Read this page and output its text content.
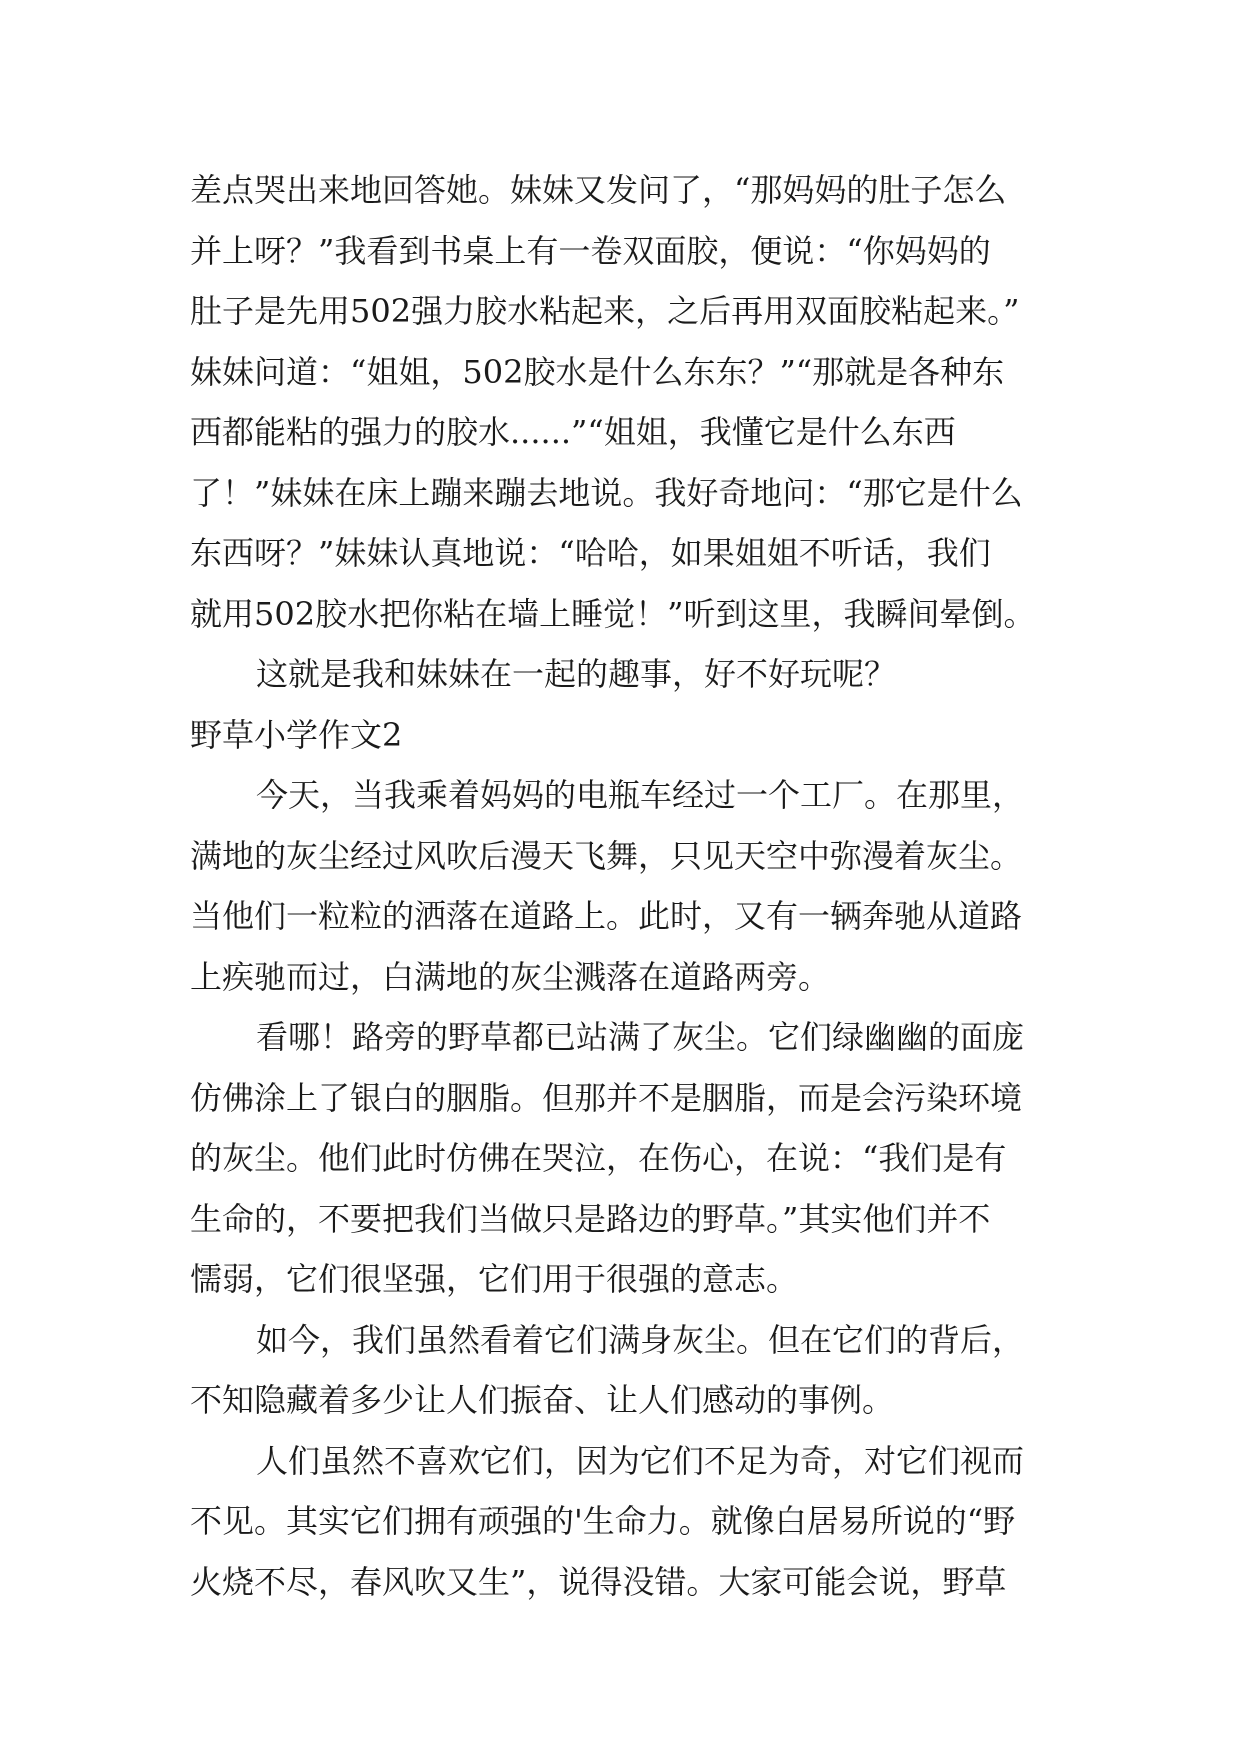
差点哭出来地回答她。妹妹又发问了，“那妈妈的肚子怎么
并上呀？”我看到书桌上有一卷双面胶，便说：“你妈妈的
肚子是先用502强力胶水粘起来，之后再用双面胶粘起来。”
妹妹问道：“姐姐，502胶水是什么东东？”“那就是各种东
西都能粘的强力的胶水......”“姐姐，我懂它是什么东西
了！”妹妹在床上蹦来蹦去地说。我好奇地问：“那它是什么
东西呀？”妹妹认真地说：“哈哈，如果姐姐不听话，我们
就用502胶水把你粘在墙上睡觉！”听到这里，我瞬间晕倒。
这就是我和妹妹在一起的趣事，好不好玩呢？
野草小学作文2
今天，当我乘着妈妈的电瓶车经过一个工厂。在那里，
满地的灰尘经过风吹后漫天飞舞，只见天空中弥漫着灰尘。
当他们一粒粒的洒落在道路上。此时，又有一辆奔驰从道路
上疾驰而过，白满地的灰尘溅落在道路两旁。
看哪！路旁的野草都已站满了灰尘。它们绿幽幽的面庞
仿佛涂上了银白的胭脂。但那并不是胭脂，而是会污染环境
的灰尘。他们此时仿佛在哭泣，在伤心，在说：“我们是有
生命的，不要把我们当做只是路边的野草。”其实他们并不
懦弱，它们很坚强，它们用于很强的意志。
如今，我们虽然看着它们满身灰尘。但在它们的背后，
不知隐藏着多少让人们振奋、让人们感动的事例。
人们虽然不喜欢它们，因为它们不足为奇，对它们视而
不见。其实它们拥有顽强的'生命力。就像白居易所说的“野
火烧不尽，春风吹又生”，说得没错。大家可能会说，野草
